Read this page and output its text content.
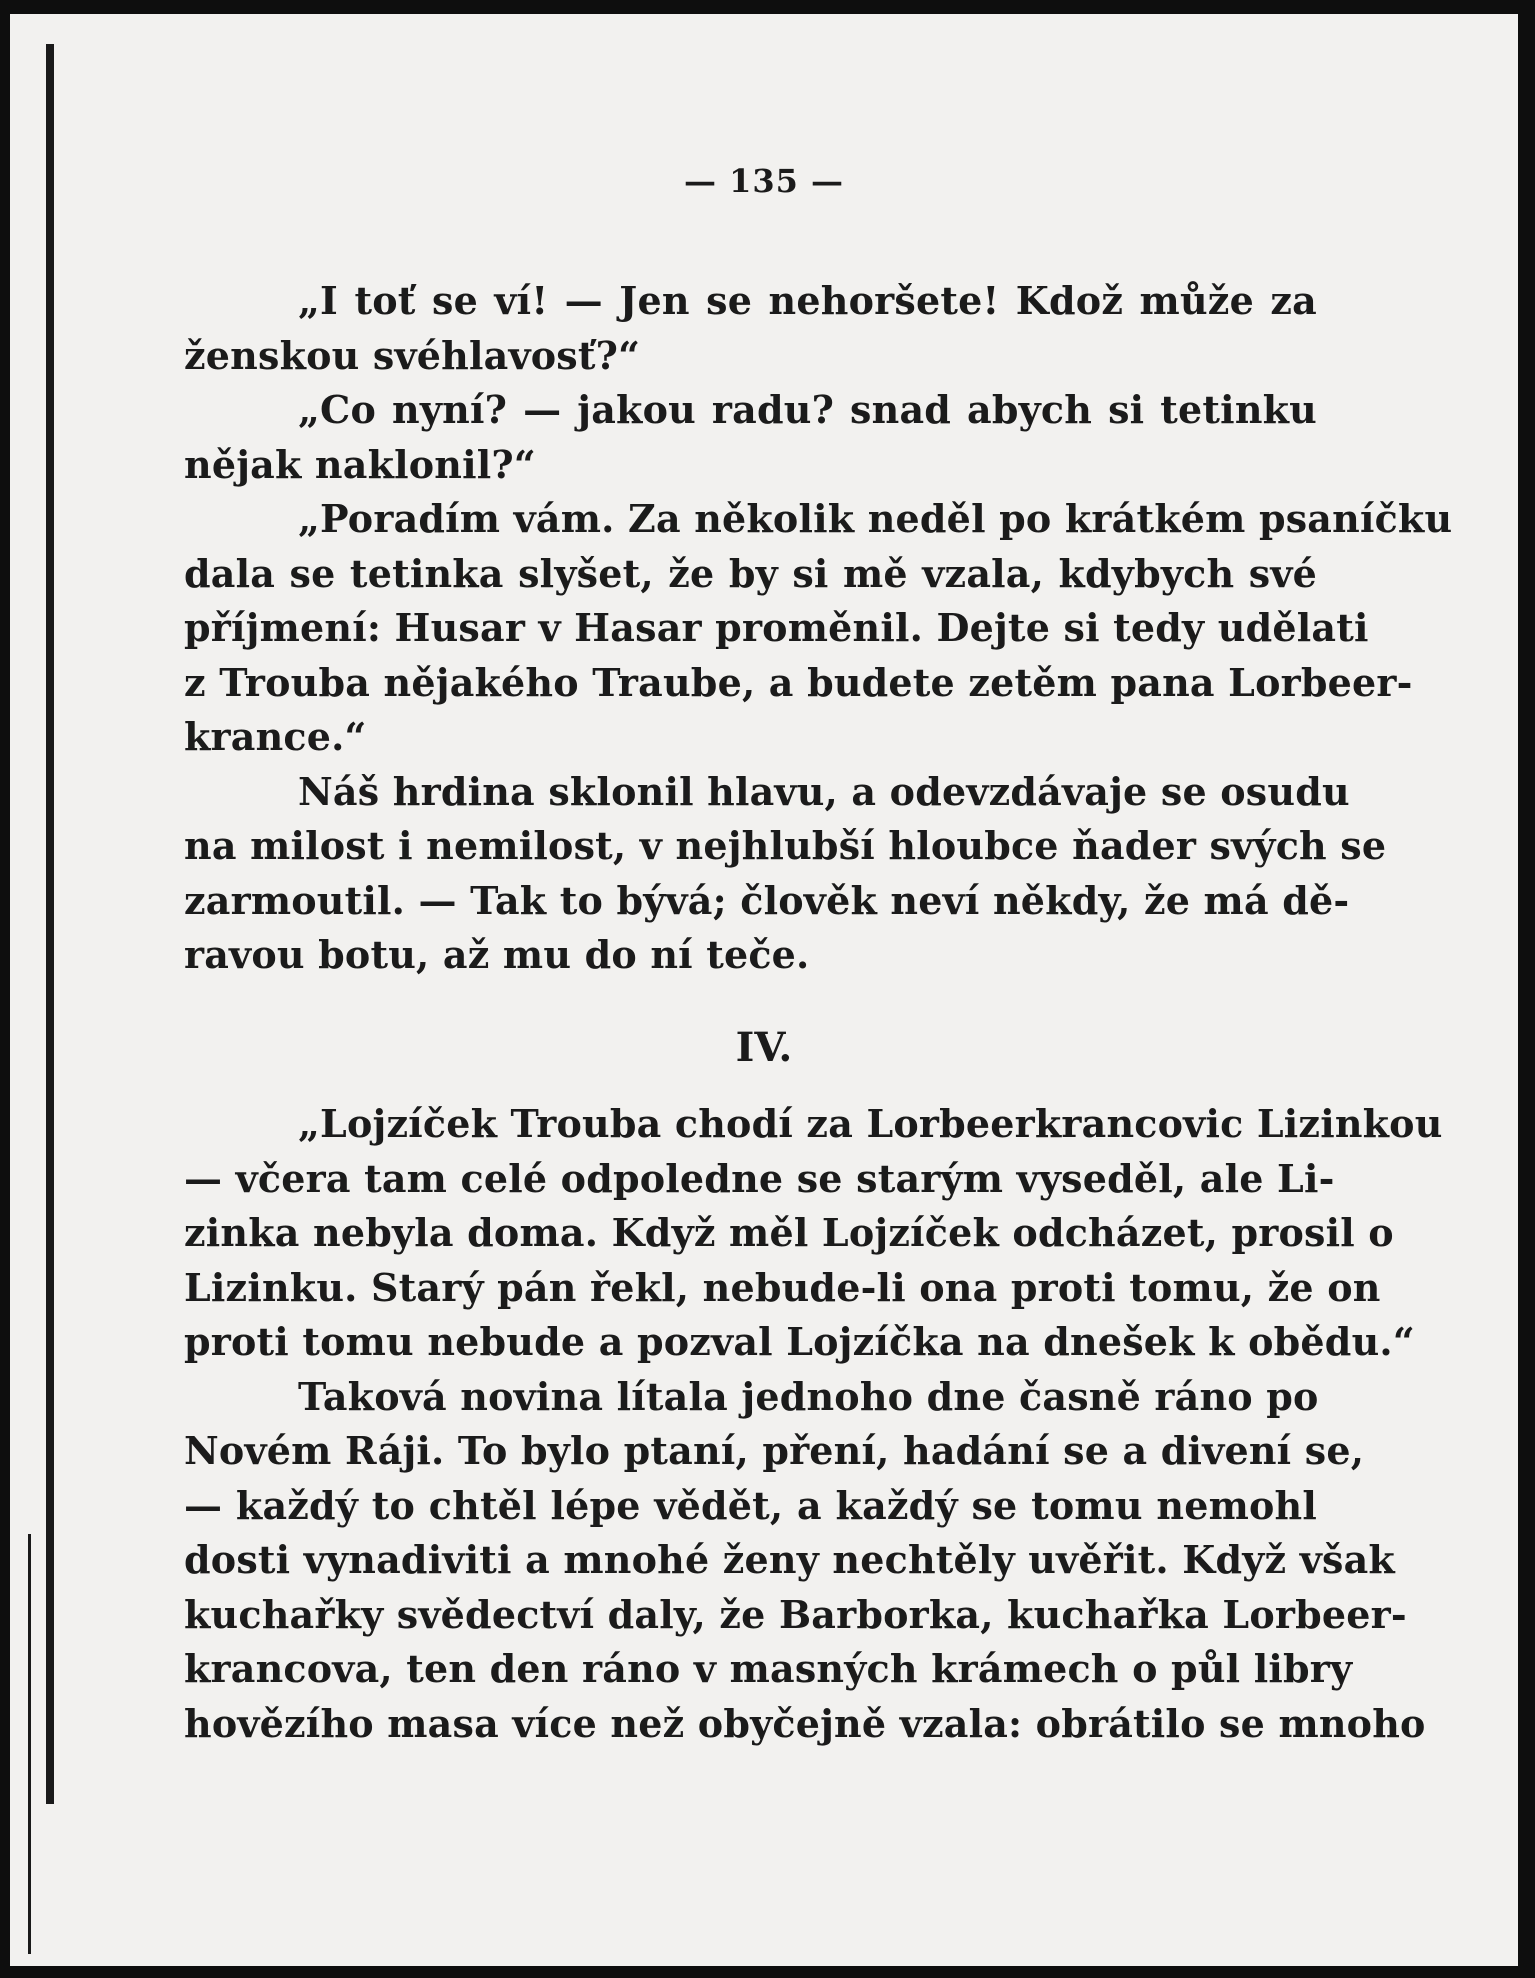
— 135 —
„I toť se ví! — Jen se nehoršete! Kdož může za
ženskou svéhlavosť?“
„Co nyní? — jakou radu? snad abych si tetinku
nějak naklonil?“
„Poradím vám. Za několik neděl po krátkém psaníčku
dala se tetinka slyšet, že by si mě vzala, kdybych své
příjmení: Husar v Hasar proměnil. Dejte si tedy udělati
z Trouba nějakého Traube, a budete zetěm pana Lorbeer-
krance.“
Náš hrdina sklonil hlavu, a odevzdávaje se osudu
na milost i nemilost, v nejhlubší hloubce ňader svých se
zarmoutil. — Tak to bývá; člověk neví někdy, že má dě-
ravou botu, až mu do ní teče.
IV.
„Lojzíček Trouba chodí za Lorbeerkrancovic Lizinkou
— včera tam celé odpoledne se starým vyseděl, ale Li-
zinka nebyla doma. Když měl Lojzíček odcházet, prosil o
Lizinku. Starý pán řekl, nebude-li ona proti tomu, že on
proti tomu nebude a pozval Lojzíčka na dnešek k obědu.“
Taková novina lítala jednoho dne časně ráno po
Novém Ráji. To bylo ptaní, pření, hadání se a divení se,
— každý to chtěl lépe vědět, a každý se tomu nemohl
dosti vynadiviti a mnohé ženy nechtěly uvěřit. Když však
kuchařky svědectví daly, že Barborka, kuchařka Lorbeer-
krancova, ten den ráno v masných krámech o půl libry
hovězího masa více než obyčejně vzala: obrátilo se mnoho
